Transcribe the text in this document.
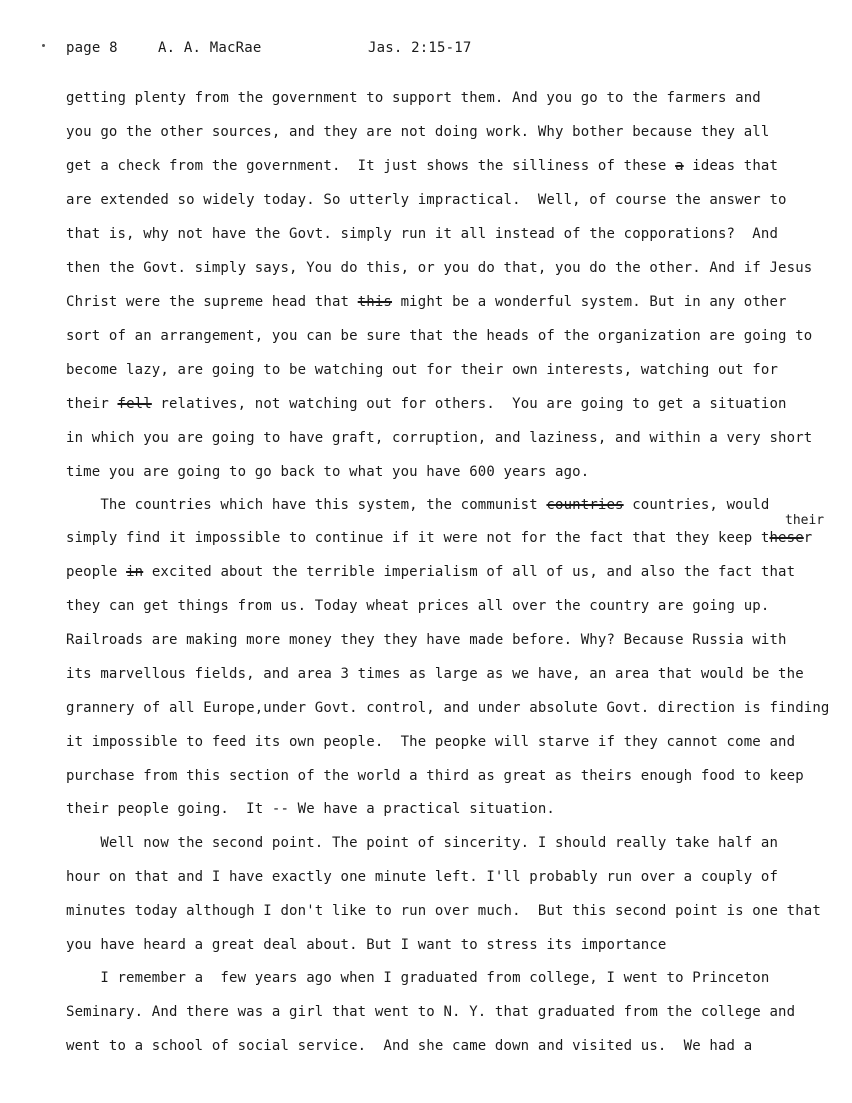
page 8	A. A. MacRae	Jas. 2:15-17
getting plenty from the government to support them. And you go to the farmers and
you go the other sources, and they are not doing work. Why bother because they all
get a check from the government.  It just shows the silliness of these a ideas that
are extended so widely today. So utterly impractical.  Well, of course the answer to
that is, why not have the Govt. simply run it all instead of the copporations?  And
then the Govt. simply says, You do this, or you do that, you do the other. And if Jesus
Christ were the supreme head that this might be a wonderful system. But in any other
sort of an arrangement, you can be sure that the heads of the organization are going to
become lazy, are going to be watching out for their own interests, watching out for
their fell relatives, not watching out for others.  You are going to get a situation
in which you are going to have graft, corruption, and laziness, and within a very short
time you are going to go back to what you have 600 years ago.
The countries which have this system, the communist countries countries, would
their
simply find it impossible to continue if it were not for the fact that they keep theser
people in excited about the terrible imperialism of all of us, and also the fact that
they can get things from us. Today wheat prices all over the country are going up.
Railroads are making more money they they have made before. Why? Because Russia with
its marvellous fields, and area 3 times as large as we have, an area that would be the
grannery of all Europe,under Govt. control, and under absolute Govt. direction is finding
it impossible to feed its own people.  The peopke will starve if they cannot come and
purchase from this section of the world a third as great as theirs enough food to keep
their people going.  It -- We have a practical situation.
Well now the second point. The point of sincerity. I should really take half an
hour on that and I have exactly one minute left. I'll probably run over a couply of
minutes today although I don't like to run over much.  But this second point is one that
you have heard a great deal about. But I want to stress its importance
I remember a  few years ago when I graduated from college, I went to Princeton
Seminary. And there was a girl that went to N. Y. that graduated from the college and
went to a school of social service.  And she came down and visited us.  We had a
